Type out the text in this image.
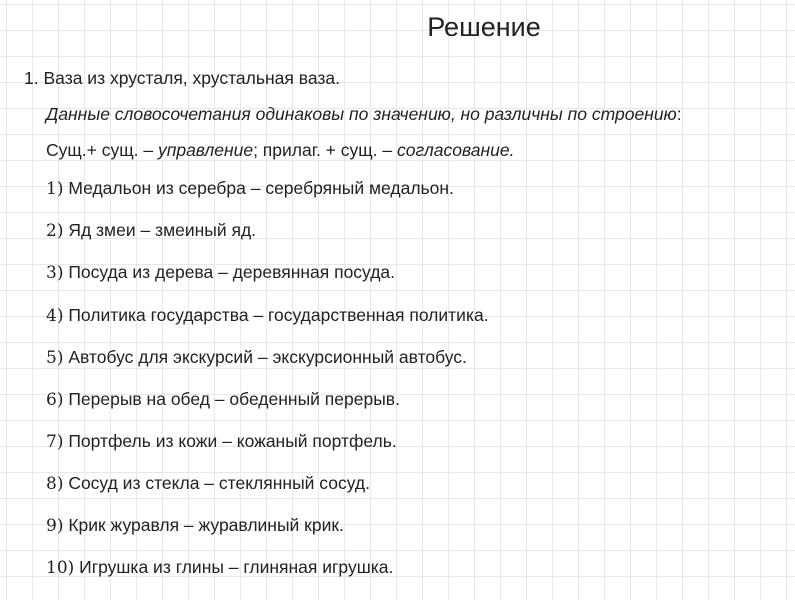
Решение
1. Ваза из хрусталя, хрустальная ваза.
Данные словосочетания одинаковы по значению, но различны по строению:
Сущ.+ сущ. – управление; прилаг. + сущ. – согласование.
1) Медальон из серебра – серебряный медальон.
2) Яд змеи – змеиный яд.
3) Посуда из дерева – деревянная посуда.
4) Политика государства – государственная политика.
5) Автобус для экскурсий – экскурсионный автобус.
6) Перерыв на обед – обеденный перерыв.
7) Портфель из кожи – кожаный портфель.
8) Сосуд из стекла – стеклянный сосуд.
9) Крик журавля – журавлиный крик.
10) Игрушка из глины – глиняная игрушка.
